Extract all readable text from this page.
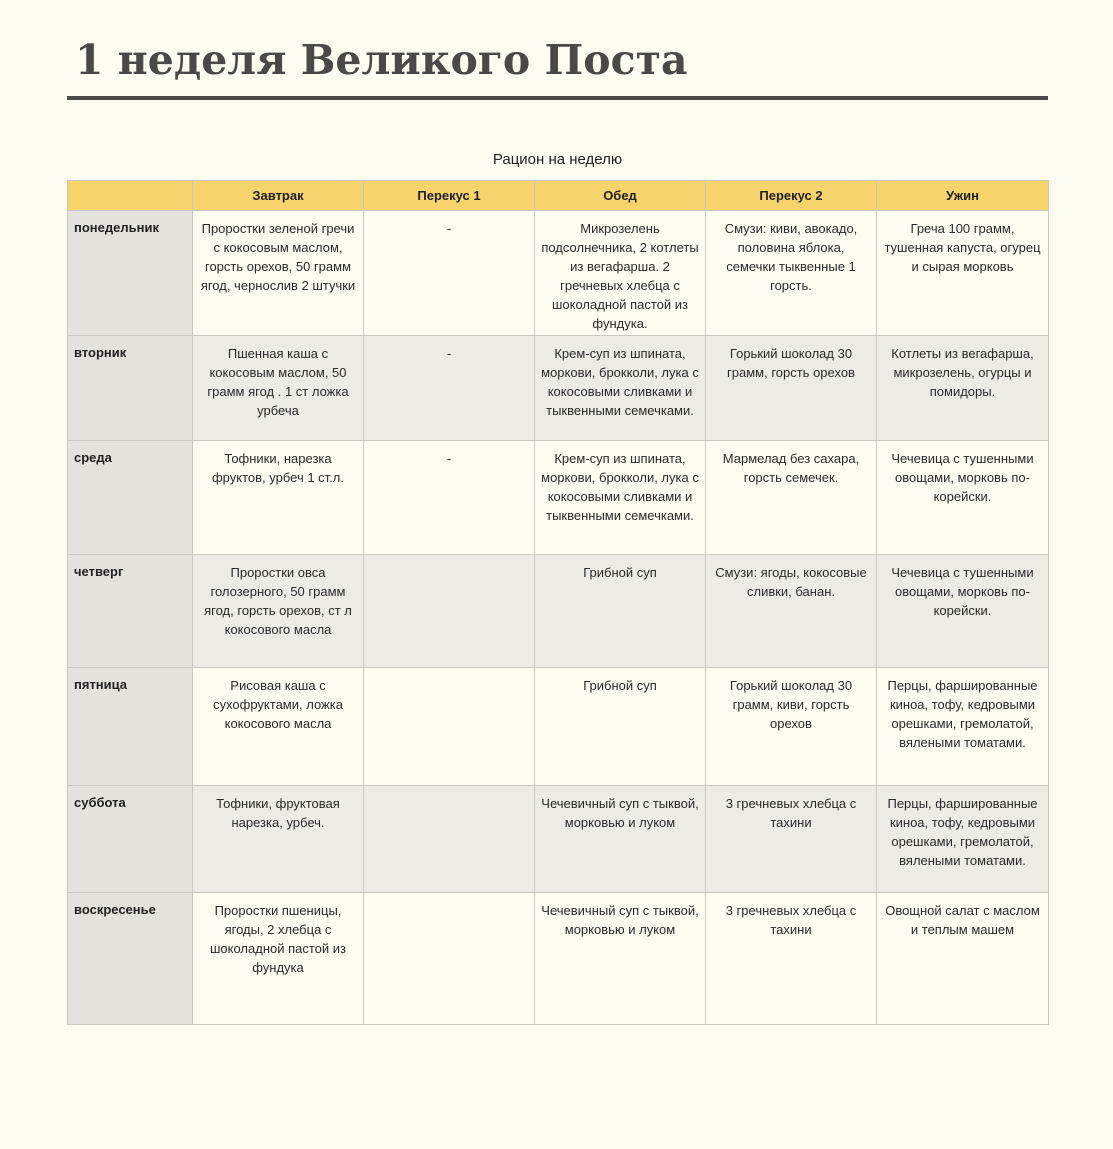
1 неделя Великого Поста
Рацион на неделю
	Завтрак	Перекус 1	Обед	Перекус 2	Ужин
понедельник	Проростки зеленой гречи с кокосовым маслом, горсть орехов, 50 грамм ягод, чернослив 2 штучки	-	Микрозелень подсолнечника, 2 котлеты из вегафарша. 2 гречневых хлебца с шоколадной пастой из фундука.	Смузи: киви, авокадо, половина яблока, семечки тыквенные 1 горсть.	Греча 100 грамм, тушенная капуста, огурец и сырая морковь
вторник	Пшенная каша с кокосовым маслом, 50 грамм ягод . 1 ст ложка урбеча	-	Крем-суп из шпината, моркови, брокколи, лука с кокосовыми сливками и тыквенными семечками.	Горький шоколад 30 грамм, горсть орехов	Котлеты из вегафарша, микрозелень, огурцы и помидоры.
среда	Тофники, нарезка фруктов, урбеч 1 ст.л.	-	Крем-суп из шпината, моркови, брокколи, лука с кокосовыми сливками и тыквенными семечками.	Мармелад без сахара, горсть семечек.	Чечевица с тушенными овощами, морковь по-корейски.
четверг	Проростки овса голозерного, 50 грамм ягод, горсть орехов, ст л кокосового масла		Грибной суп	Смузи: ягоды, кокосовые сливки, банан.	Чечевица с тушенными овощами, морковь по-корейски.
пятница	Рисовая каша с сухофруктами, ложка кокосового масла		Грибной суп	Горький шоколад 30 грамм, киви, горсть орехов	Перцы, фаршированные киноа, тофу, кедровыми орешками, гремолатой, вялеными томатами.
суббота	Тофники, фруктовая нарезка, урбеч.		Чечевичный суп с тыквой, морковью и луком	3 гречневых хлебца с тахини	Перцы, фаршированные киноа, тофу, кедровыми орешками, гремолатой, вялеными томатами.
воскресенье	Проростки пшеницы, ягоды, 2 хлебца с шоколадной пастой из фундука		Чечевичный суп с тыквой, морковью и луком	3 гречневых хлебца с тахини	Овощной салат с маслом и теплым машем
